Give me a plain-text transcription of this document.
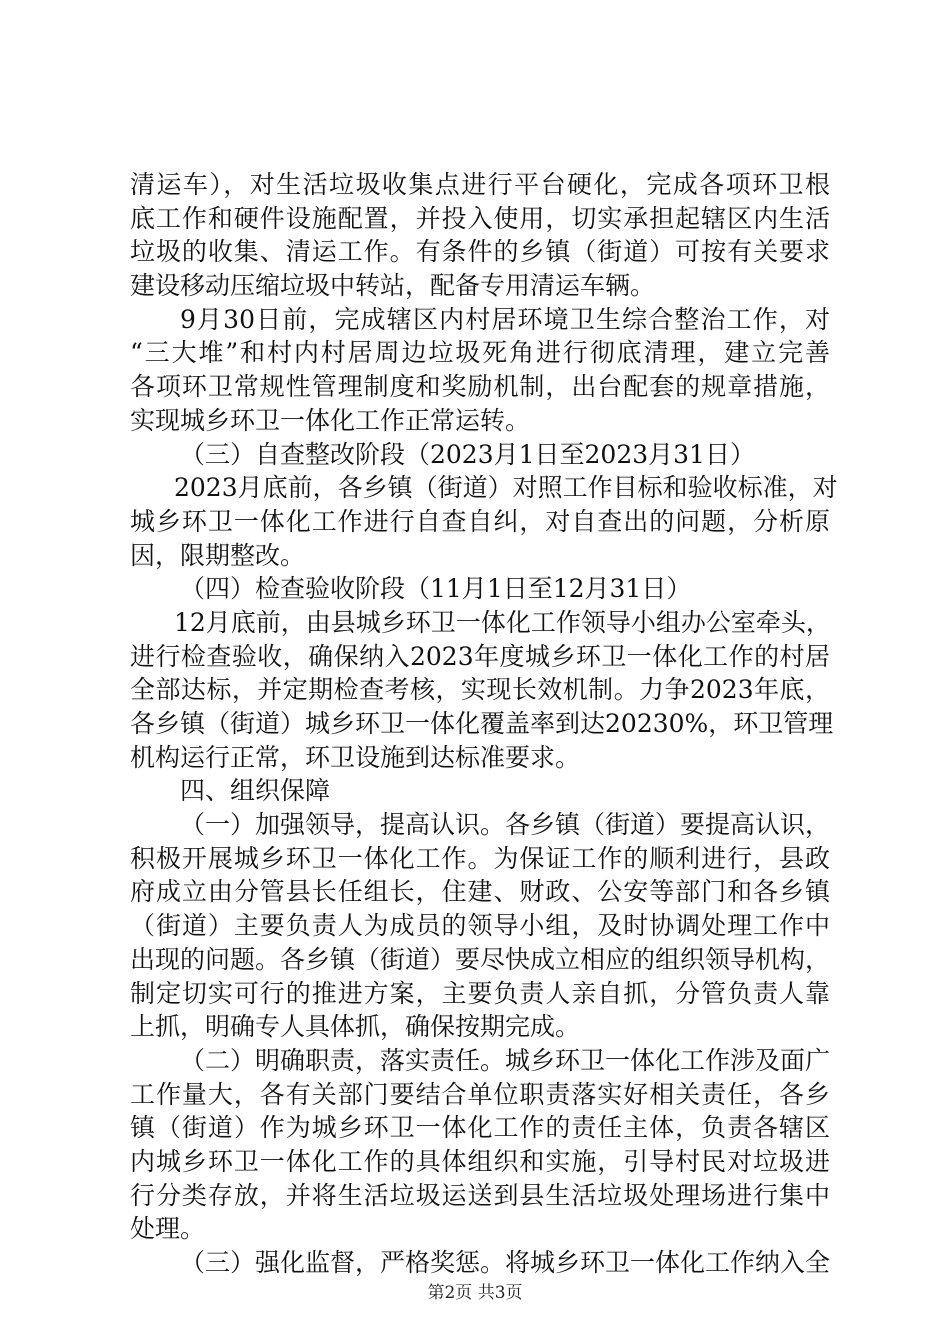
清运车），对生活垃圾收集点进行平台硬化，完成各项环卫根
底工作和硬件设施配置，并投入使用，切实承担起辖区内生活
垃圾的收集、清运工作。有条件的乡镇（街道）可按有关要求
建设移动压缩垃圾中转站，配备专用清运车辆。
9月30日前，完成辖区内村居环境卫生综合整治工作，对
“三大堆”和村内村居周边垃圾死角进行彻底清理，建立完善
各项环卫常规性管理制度和奖励机制，出台配套的规章措施，
实现城乡环卫一体化工作正常运转。
（三）自查整改阶段（2023月1日至2023月31日）
2023月底前，各乡镇（街道）对照工作目标和验收标准，对
城乡环卫一体化工作进行自查自纠，对自查出的问题，分析原
因，限期整改。
（四）检查验收阶段（11月1日至12月31日）
12月底前，由县城乡环卫一体化工作领导小组办公室牵头，
进行检查验收，确保纳入2023年度城乡环卫一体化工作的村居
全部达标，并定期检查考核，实现长效机制。力争2023年底，
各乡镇（街道）城乡环卫一体化覆盖率到达20230%，环卫管理
机构运行正常，环卫设施到达标准要求。
四、组织保障
（一）加强领导，提高认识。各乡镇（街道）要提高认识，
积极开展城乡环卫一体化工作。为保证工作的顺利进行，县政
府成立由分管县长任组长，住建、财政、公安等部门和各乡镇
（街道）主要负责人为成员的领导小组，及时协调处理工作中
出现的问题。各乡镇（街道）要尽快成立相应的组织领导机构，
制定切实可行的推进方案，主要负责人亲自抓，分管负责人靠
上抓，明确专人具体抓，确保按期完成。
（二）明确职责，落实责任。城乡环卫一体化工作涉及面广
工作量大，各有关部门要结合单位职责落实好相关责任，各乡
镇（街道）作为城乡环卫一体化工作的责任主体，负责各辖区
内城乡环卫一体化工作的具体组织和实施，引导村民对垃圾进
行分类存放，并将生活垃圾运送到县生活垃圾处理场进行集中
处理。
（三）强化监督，严格奖惩。将城乡环卫一体化工作纳入全
第2页 共3页
